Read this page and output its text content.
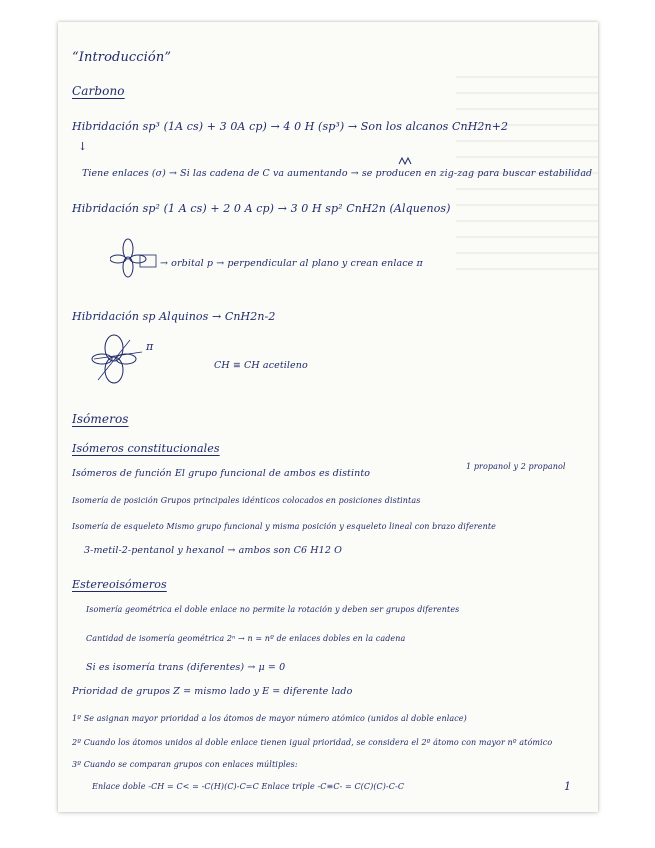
“Introducción”
Carbono
Hibridación sp³ (1A cs) + 3 0A cp) → 4 0 H (sp³) → Son los alcanos CnH2n+2
↓
Tiene enlaces (σ) → Si las cadena de C va aumentando → se producen en zig-zag para buscar estabilidad
Hibridación sp² (1 A cs) + 2 0 A cp) → 3 0 H sp² CnH2n (Alquenos)
→ orbital p → perpendicular al plano y crean enlace π
Hibridación sp Alquinos → CnH2n-2
π
CH ≡ CH acetileno
Isómeros
Isómeros constitucionales
Isómeros de función El grupo funcional de ambos es distinto
1 propanol y 2 propanol
Isomería de posición Grupos principales idénticos colocados en posiciones distintas
Isomería de esqueleto Mismo grupo funcional y misma posición y esqueleto lineal con brazo diferente
3-metil-2-pentanol y hexanol → ambos son C6 H12 O
Estereoisómeros
Isomería geométrica el doble enlace no permite la rotación y deben ser grupos diferentes
Cantidad de isomería geométrica 2ⁿ → n = nº de enlaces dobles en la cadena
Si es isomería trans (diferentes) → μ = 0
Prioridad de grupos Z = mismo lado y E = diferente lado
1º Se asignan mayor prioridad a los átomos de mayor número atómico (unidos al doble enlace)
2º Cuando los átomos unidos al doble enlace tienen igual prioridad, se considera el 2º átomo con mayor nº atómico
3º Cuando se comparan grupos con enlaces múltiples:
Enlace doble -CH = C< = -C(H)(C)-C=C Enlace triple -C≡C- = C(C)(C)-C-C	1
